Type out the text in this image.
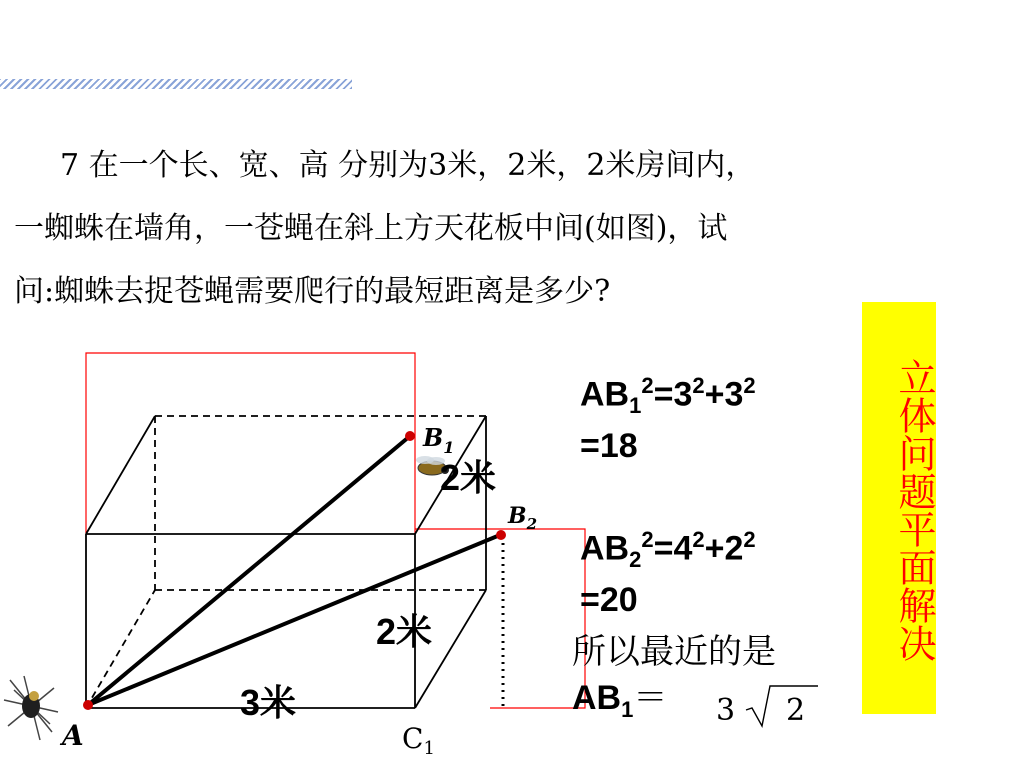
7 在一个长、宽、高 分别为3米，2米，2米房间内，
一蜘蛛在墙角，一苍蝇在斜上方天花板中间(如图)，试
问:蜘蛛去捉苍蝇需要爬行的最短距离是多少?
A
$B_1$
$B_2$
$C_1$
3米
2米
2米
$AB_1^2=3^2+3^2$
=18
$AB_2^2=4^2+2^2$
=20
所以最近的是
$AB_1= 3$ 2
立体问题平面解决
